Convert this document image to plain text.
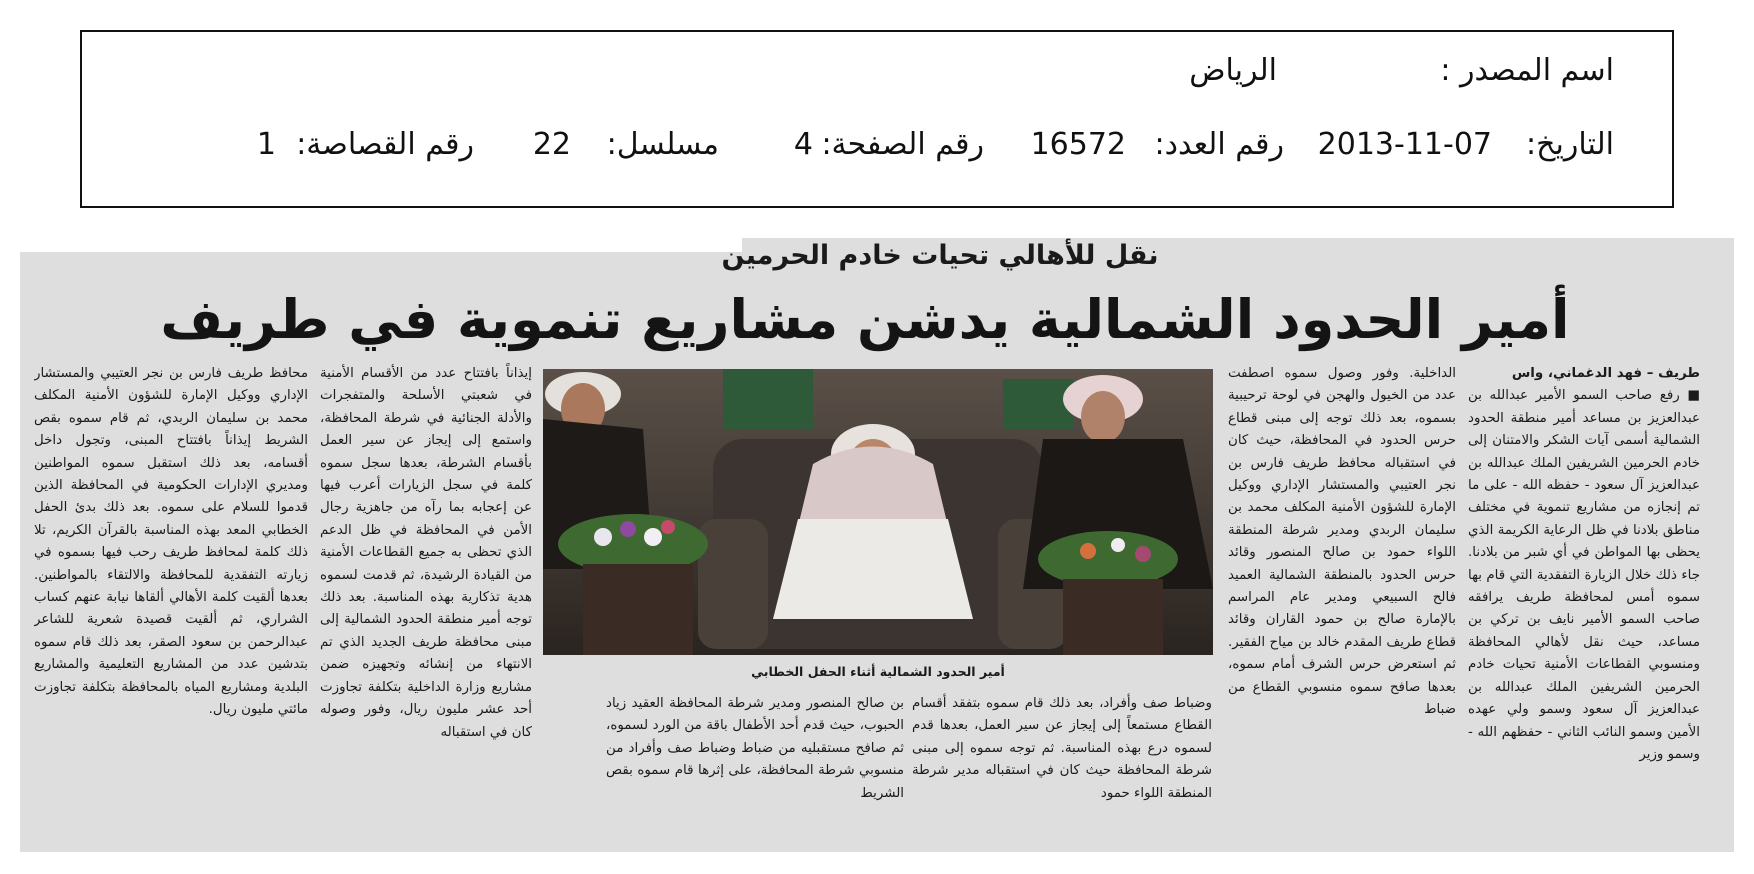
اسم المصدر :
الرياض
التاريخ:
2013-11-07
رقم العدد:
16572
رقم الصفحة:
4
مسلسل:
22
رقم القصاصة:
1
نقل للأهالي تحيات خادم الحرمين
أمير الحدود الشمالية يدشن مشاريع تنموية في طريف
طريف – فهد الدغماني، واس
■ رفع صاحب السمو الأمير عبدالله بن عبدالعزيز بن مساعد أمير منطقة الحدود الشمالية أسمى آيات الشكر والامتنان إلى خادم الحرمين الشريفين الملك عبدالله بن عبدالعزيز آل سعود - حفظه الله - على ما تم إنجازه من مشاريع تنموية في مختلف مناطق بلادنا في ظل الرعاية الكريمة الذي يحظى بها المواطن في أي شبر من بلادنا. جاء ذلك خلال الزيارة التفقدية التي قام بها سموه أمس لمحافظة طريف يرافقه صاحب السمو الأمير نايف بن تركي بن مساعد، حيث نقل لأهالي المحافظة ومنسوبي القطاعات الأمنية تحيات خادم الحرمين الشريفين الملك عبدالله بن عبدالعزيز آل سعود وسمو ولي عهده الأمين وسمو النائب الثاني - حفظهم الله - وسمو وزير
الداخلية. وفور وصول سموه اصطفت عدد من الخيول والهجن في لوحة ترحيبية بسموه، بعد ذلك توجه إلى مبنى قطاع حرس الحدود في المحافظة، حيث كان في استقباله محافظ طريف فارس بن نجر العتيبي والمستشار الإداري ووكيل الإمارة للشؤون الأمنية المكلف محمد بن سليمان الربدي ومدير شرطة المنطقة اللواء حمود بن صالح المنصور وقائد حرس الحدود بالمنطقة الشمالية العميد فالح السبيعي ومدير عام المراسم بالإمارة صالح بن حمود القاران وقائد قطاع طريف المقدم خالد بن مياح الفقير. ثم استعرض حرس الشرف أمام سموه، بعدها صافح سموه منسوبي القطاع من ضباط
أمير الحدود الشمالية أثناء الحفل الخطابي
وضباط صف وأفراد، بعد ذلك قام سموه بتفقد أقسام القطاع مستمعاً إلى إيجاز عن سير العمل، بعدها قدم لسموه درع بهذه المناسبة. ثم توجه سموه إلى مبنى شرطة المحافظة حيث كان في استقباله مدير شرطة المنطقة اللواء حمود
بن صالح المنصور ومدير شرطة المحافظة العقيد زياد الحبوب، حيث قدم أحد الأطفال باقة من الورد لسموه، ثم صافح مستقبليه من ضباط وضباط صف وأفراد من منسوبي شرطة المحافظة، على إثرها قام سموه بقص الشريط
إيذاناً بافتتاح عدد من الأقسام الأمنية في شعبتي الأسلحة والمتفجرات والأدلة الجنائية في شرطة المحافظة، واستمع إلى إيجاز عن سير العمل بأقسام الشرطة، بعدها سجل سموه كلمة في سجل الزيارات أعرب فيها عن إعجابه بما رآه من جاهزية رجال الأمن في المحافظة في ظل الدعم الذي تحظى به جميع القطاعات الأمنية من القيادة الرشيدة، ثم قدمت لسموه هدية تذكارية بهذه المناسبة. بعد ذلك توجه أمير منطقة الحدود الشمالية إلى مبنى محافظة طريف الجديد الذي تم الانتهاء من إنشائه وتجهيزه ضمن مشاريع وزارة الداخلية بتكلفة تجاوزت أحد عشر مليون ريال، وفور وصوله كان في استقباله
محافظ طريف فارس بن نجر العتيبي والمستشار الإداري ووكيل الإمارة للشؤون الأمنية المكلف محمد بن سليمان الربدي، ثم قام سموه بقص الشريط إيذاناً بافتتاح المبنى، وتجول داخل أقسامه، بعد ذلك استقبل سموه المواطنين ومديري الإدارات الحكومية في المحافظة الذين قدموا للسلام على سموه. بعد ذلك بدئ الحفل الخطابي المعد بهذه المناسبة بالقرآن الكريم، تلا ذلك كلمة لمحافظ طريف رحب فيها بسموه في زيارته التفقدية للمحافظة والالتقاء بالمواطنين. بعدها ألقيت كلمة الأهالي ألقاها نيابة عنهم كساب الشراري، ثم ألقيت قصيدة شعرية للشاعر عبدالرحمن بن سعود الصقر، بعد ذلك قام سموه بتدشين عدد من المشاريع التعليمية والمشاريع البلدية ومشاريع المياه بالمحافظة بتكلفة تجاوزت مائتي مليون ريال.
